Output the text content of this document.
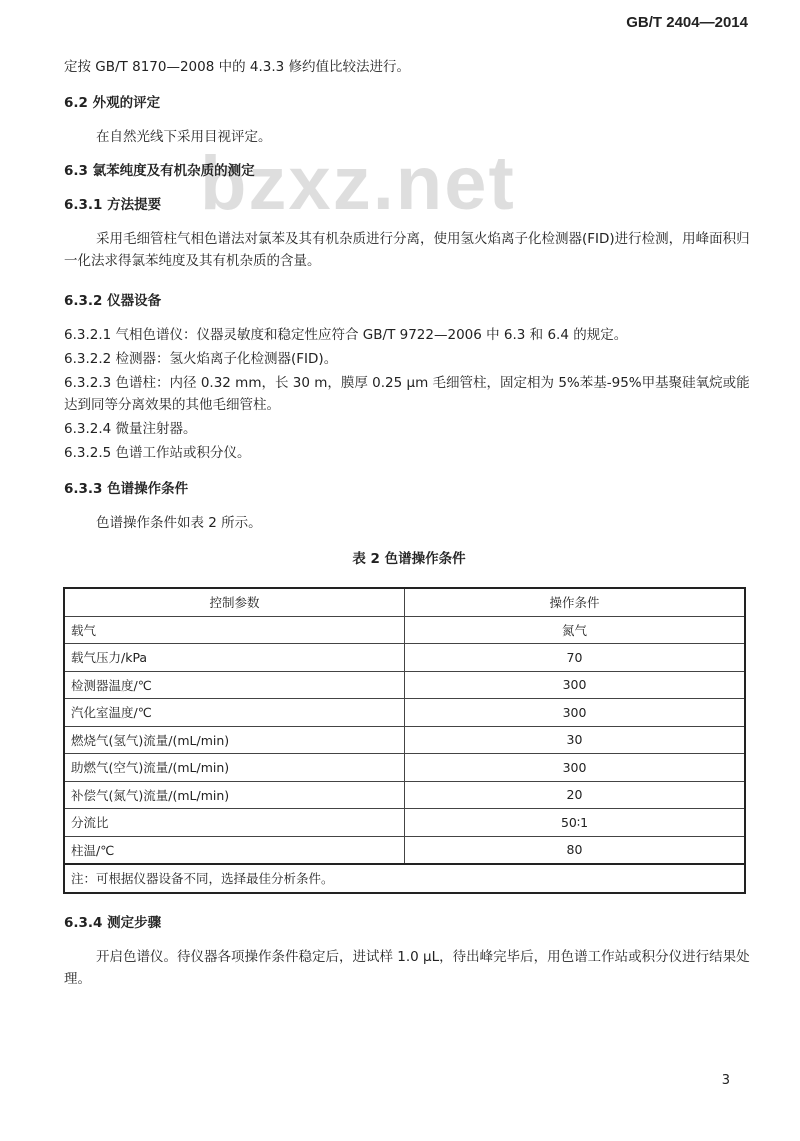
GB/T 2404—2014
bzxz.net
定按 GB/T 8170—2008 中的 4.3.3 修约值比较法进行。
6.2 外观的评定
在自然光线下采用目视评定。
6.3 氯苯纯度及有机杂质的测定
6.3.1 方法提要
采用毛细管柱气相色谱法对氯苯及其有机杂质进行分离，使用氢火焰离子化检测器(FID)进行检测，用峰面积归一化法求得氯苯纯度及其有机杂质的含量。
6.3.2 仪器设备
6.3.2.1 气相色谱仪：仪器灵敏度和稳定性应符合 GB/T 9722—2006 中 6.3 和 6.4 的规定。
6.3.2.2 检测器：氢火焰离子化检测器(FID)。
6.3.2.3 色谱柱：内径 0.32 mm，长 30 m，膜厚 0.25 μm 毛细管柱，固定相为 5%苯基-95%甲基聚硅氧烷或能达到同等分离效果的其他毛细管柱。
6.3.2.4 微量注射器。
6.3.2.5 色谱工作站或积分仪。
6.3.3 色谱操作条件
色谱操作条件如表 2 所示。
表 2 色谱操作条件
控制参数	操作条件
载气	氮气
载气压力/kPa	70
检测器温度/℃	300
汽化室温度/℃	300
燃烧气(氢气)流量/(mL/min)	30
助燃气(空气)流量/(mL/min)	300
补偿气(氮气)流量/(mL/min)	20
分流比	50∶1
柱温/℃	80
注：可根据仪器设备不同，选择最佳分析条件。	
6.3.4 测定步骤
开启色谱仪。待仪器各项操作条件稳定后，进试样 1.0 μL，待出峰完毕后，用色谱工作站或积分仪进行结果处理。
3
